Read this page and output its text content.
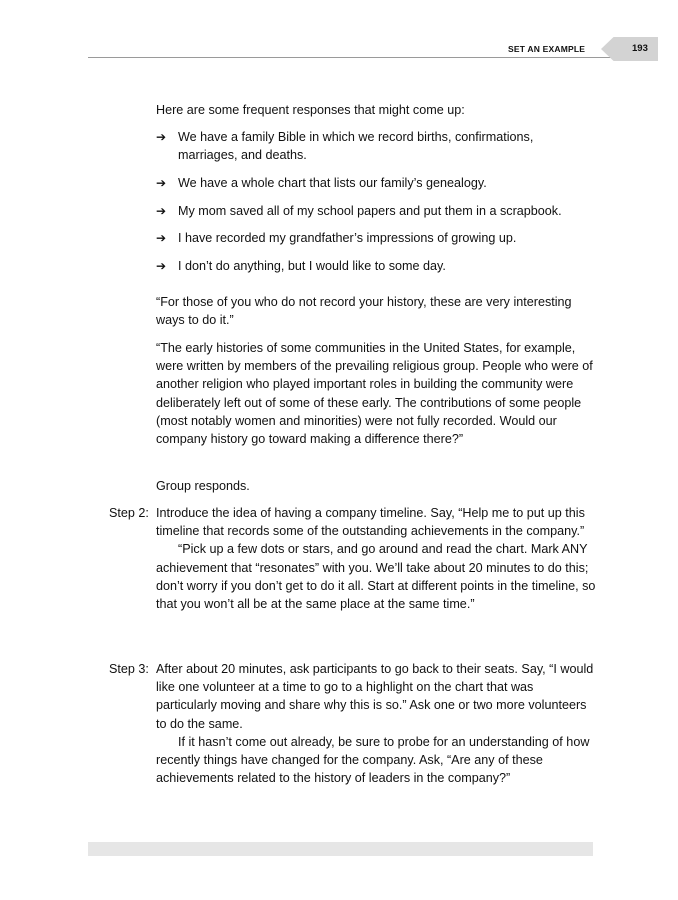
SET AN EXAMPLE	193
Here are some frequent responses that might come up:
➔ We have a family Bible in which we record births, confirmations, marriages, and deaths.
➔ We have a whole chart that lists our family’s genealogy.
➔ My mom saved all of my school papers and put them in a scrapbook.
➔ I have recorded my grandfather’s impressions of growing up.
➔ I don’t do anything, but I would like to some day.
“For those of you who do not record your history, these are very interesting ways to do it.”
“The early histories of some communities in the United States, for example, were written by members of the prevailing religious group. People who were of another religion who played important roles in building the community were deliberately left out of some of these early. The contributions of some people (most notably women and minorities) were not fully recorded. Would our company history go toward making a difference there?”
Group responds.
Step 2: Introduce the idea of having a company timeline. Say, “Help me to put up this timeline that records some of the outstanding achievements in the company.”
“Pick up a few dots or stars, and go around and read the chart. Mark ANY achievement that “resonates” with you. We’ll take about 20 minutes to do this; don’t worry if you don’t get to do it all. Start at different points in the timeline, so that you won’t all be at the same place at the same time.”
Step 3: After about 20 minutes, ask participants to go back to their seats. Say, “I would like one volunteer at a time to go to a highlight on the chart that was particularly moving and share why this is so.” Ask one or two more volunteers to do the same.
If it hasn’t come out already, be sure to probe for an understanding of how recently things have changed for the company. Ask, “Are any of these achievements related to the history of leaders in the company?”
